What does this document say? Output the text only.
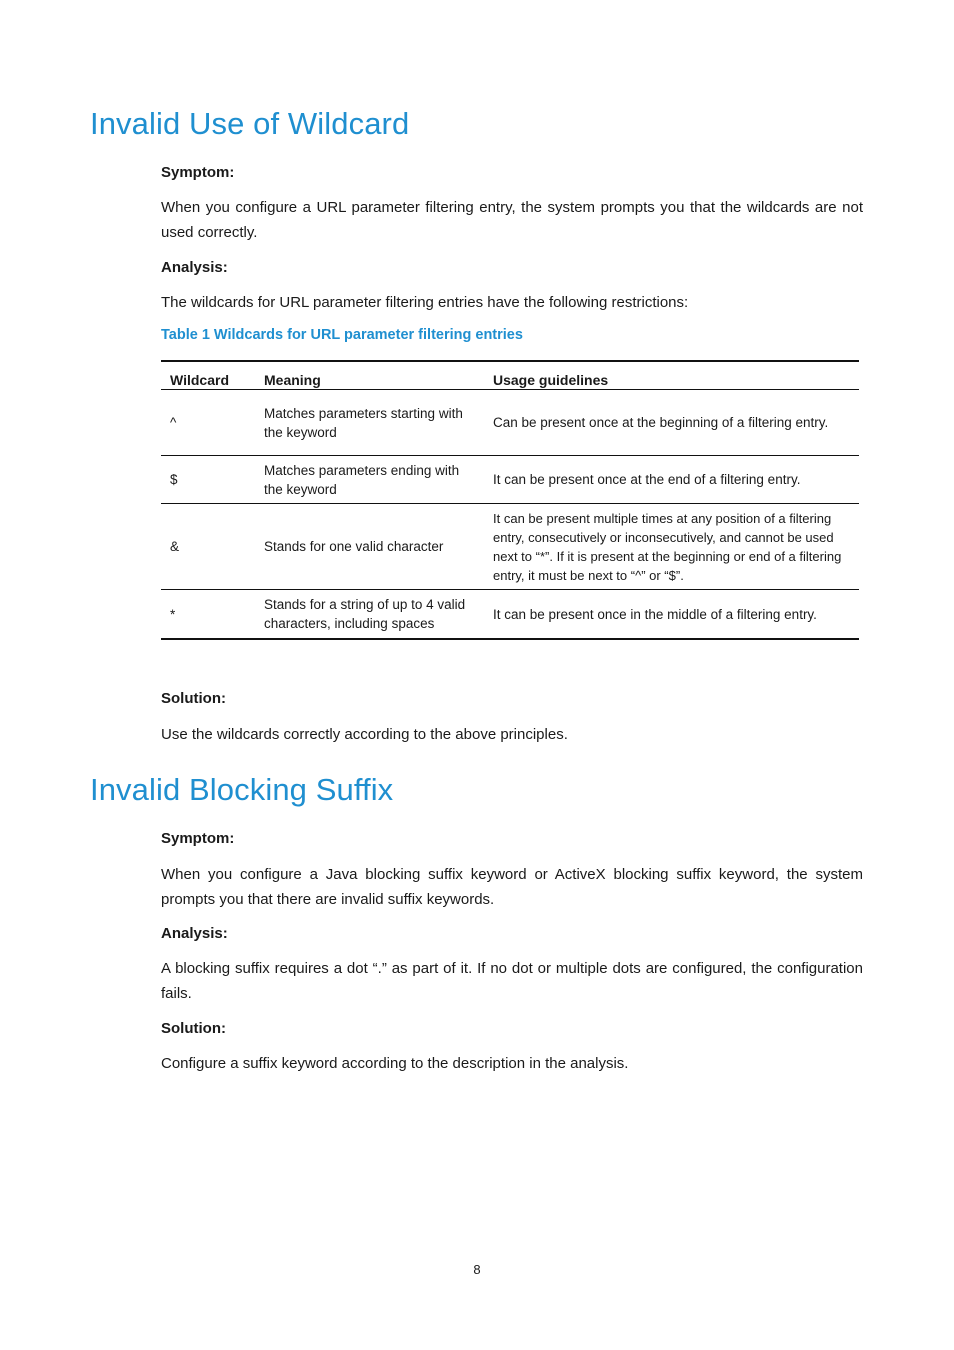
Invalid Use of Wildcard

Symptom:

When you configure a URL parameter filtering entry, the system prompts you that the wildcards are not used correctly.

Analysis:

The wildcards for URL parameter filtering entries have the following restrictions:

Table 1 Wildcards for URL parameter filtering entries

Wildcard	Meaning	Usage guidelines
^	Matches parameters starting with the keyword	Can be present once at the beginning of a filtering entry.
$	Matches parameters ending with the keyword	It can be present once at the end of a filtering entry.
&	Stands for one valid character	It can be present multiple times at any position of a filtering entry, consecutively or inconsecutively, and cannot be used next to “*”. If it is present at the beginning or end of a filtering entry, it must be next to “^” or “$”.
*	Stands for a string of up to 4 valid characters, including spaces	It can be present once in the middle of a filtering entry.

Solution:

Use the wildcards correctly according to the above principles.

Invalid Blocking Suffix

Symptom:

When you configure a Java blocking suffix keyword or ActiveX blocking suffix keyword, the system prompts you that there are invalid suffix keywords.

Analysis:

A blocking suffix requires a dot “.” as part of it. If no dot or multiple dots are configured, the configuration fails.

Solution:

Configure a suffix keyword according to the description in the analysis.

8
